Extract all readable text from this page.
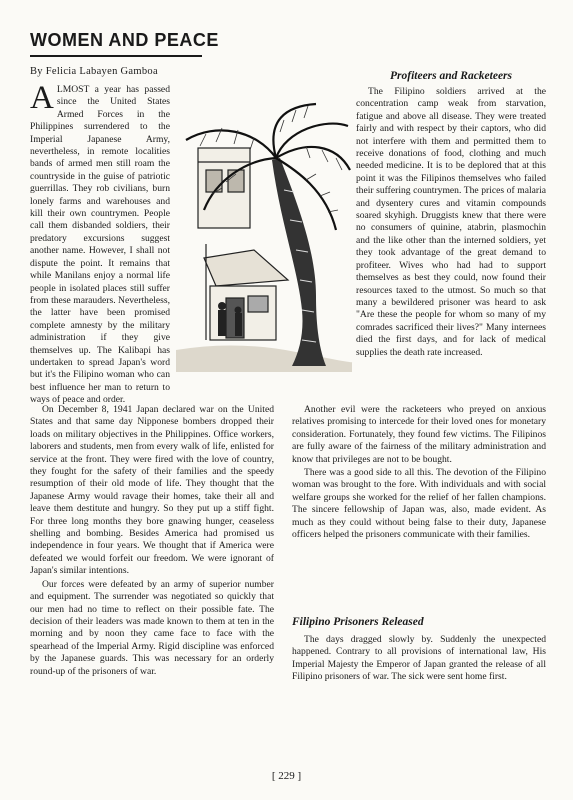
WOMEN AND PEACE
By Felicia Labayen Gamboa

ALMOST a year has passed since the United States Armed Forces in the Philippines surrendered to the Imperial Japanese Army, nevertheless, in remote localities bands of armed men still roam the countryside in the guise of patriotic guerrillas. They rob civilians, burn lonely farms and warehouses and kill their own countrymen. People call them disbanded soldiers, their predatory excursions suggest another name. However, I shall not dispute the point. It remains that while Manilans enjoy a normal life people in isolated places still suffer from these marauders. Nevertheless, the latter have been promised complete amnesty by the military administration if they give themselves up. The Kalibapi has undertaken to spread Japan's word but it's the Filipino woman who can best influence her man to return to ways of peace and order.

On December 8, 1941 Japan declared war on the United States and that same day Nipponese bombers dropped their loads on military objectives in the Philippines. Office workers, laborers and students, men from every walk of life, enlisted for service at the front. They were fired with the love of country, they fought for the safety of their families and the speedy resumption of their old mode of life. They thought that the Japanese Army would ravage their homes, take their all and leave them destitute and hungry. So they put up a stiff fight. For three long months they bore gnawing hunger, ceaseless shelling and bombing. Besides America had promised us independence in four years. We thought that if America were defeated we would forfeit our freedom. We were ignorant of Japan's similar intentions.

Our forces were defeated by an army of superior number and equipment. The surrender was negotiated so quickly that our men had no time to reflect on their possible fate. The decision of their leaders was made known to them at ten in the morning and by noon they came face to face with the spearhead of the Imperial Army. Rigid discipline was enforced by the Japanese guards. This was necessary for an orderly round-up of the prisoners of war.

Profiteers and Racketeers

The Filipino soldiers arrived at the concentration camp weak from starvation, fatigue and above all disease. They were treated fairly and with respect by their captors, who did not interfere with them and permitted them to receive donations of food, clothing and much needed medicine. It is to be deplored that at this point it was the Filipinos themselves who failed their suffering countrymen. The prices of malaria and dysentery cures and vitamin compounds soared skyhigh. Druggists knew that there were no consumers of quinine, atabrin, plasmochin and the like other than the interned soldiers, yet they took advantage of the great demand to profiteer. Wives who had had to support themselves as best they could, now found their resources taxed to the utmost. So much so that many a bewildered prisoner was heard to ask "Are these the people for whom so many of my comrades sacrificed their lives?" Many internees died the first days, and for lack of medical supplies the death rate increased.

Another evil were the racketeers who preyed on anxious relatives promising to intercede for their loved ones for monetary consideration. Fortunately, they found few victims. The Filipinos are fully aware of the fairness of the military administration and know that privileges are not to be bought.

There was a good side to all this. The devotion of the Filipino woman was brought to the fore. With individuals and with social welfare groups she worked for the relief of her fallen champions. The sincere fellowship of Japan was, also, made evident. As much as they could without being false to their duty, Japanese officers helped the prisoners communicate with their families.

Filipino Prisoners Released

The days dragged slowly by. Suddenly the unexpected happened. Contrary to all provisions of international law, His Imperial Majesty the Emperor of Japan granted the release of all Filipino prisoners of war. The sick were sent home first.

[ 229 ]
